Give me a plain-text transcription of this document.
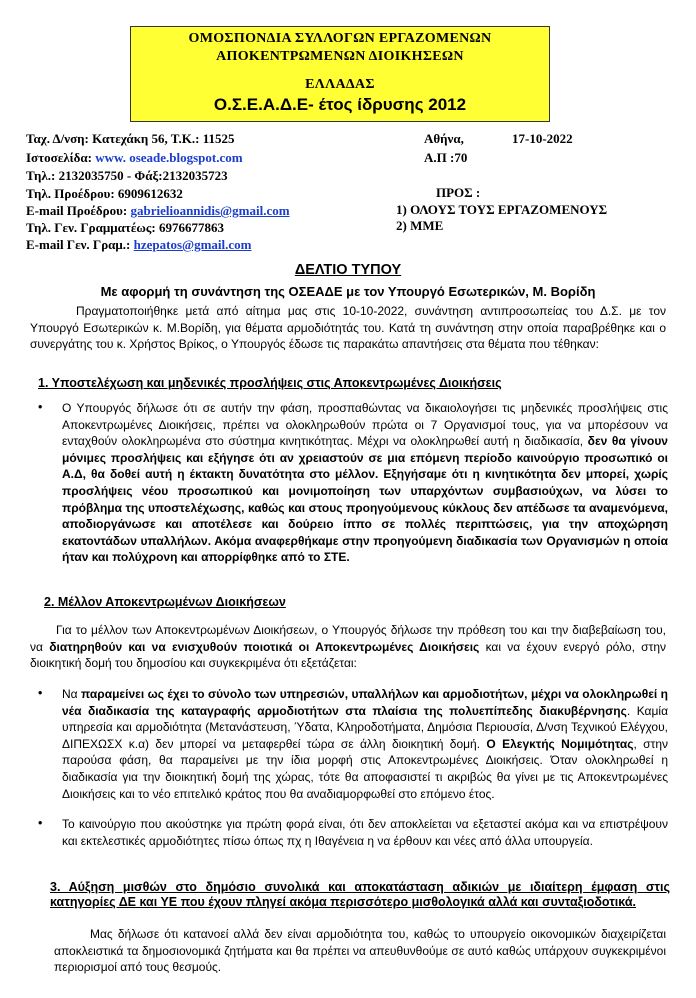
ΟΜΟΣΠΟΝΔΙΑ ΣΥΛΛΟΓΩΝ ΕΡΓΑΖΟΜΕΝΩΝ
ΑΠΟΚΕΝΤΡΩΜΕΝΩΝ ΔΙΟΙΚΗΣΕΩΝ
ΕΛΛΑΔΑΣ
Ο.Σ.Ε.Α.Δ.Ε- έτος ίδρυσης 2012
Ταχ. Δ/νση: Κατεχάκη 56, Τ.Κ.: 11525
Ιστοσελίδα: www. oseade.blogspot.com
Τηλ.: 2132035750 - Φάξ:2132035723
Τηλ. Προέδρου: 6909612632
E-mail Προέδρου: gabrielioannidis@gmail.com
Τηλ. Γεν. Γραμματέως: 6976677863
E-mail Γεν. Γραμ.: hzepatos@gmail.com
Αθήνα,	17-10-2022
Α.Π :70
ΠΡΟΣ :
1) ΟΛΟΥΣ ΤΟΥΣ ΕΡΓΑΖΟΜΕΝΟΥΣ
2) ΜΜΕ
ΔΕΛΤΙΟ ΤΥΠΟΥ
Με αφορμή τη συνάντηση της ΟΣΕΑΔΕ με τον Υπουργό Εσωτερικών, Μ. Βορίδη
Πραγματοποιήθηκε μετά από αίτημα μας στις 10-10-2022, συνάντηση αντιπροσωπείας του Δ.Σ. με τον Υπουργό Εσωτερικών κ. Μ.Βορίδη, για θέματα αρμοδιότητάς του. Κατά τη συνάντηση στην οποία παραβρέθηκε και ο συνεργάτης του κ. Χρήστος Βρίκος, ο Υπουργός έδωσε τις παρακάτω απαντήσεις στα θέματα που τέθηκαν:
1. Υποστελέχωση και μηδενικές προσλήψεις στις Αποκεντρωμένες Διοικήσεις
• Ο Υπουργός δήλωσε ότι σε αυτήν την φάση, προσπαθώντας να δικαιολογήσει τις μηδενικές προσλήψεις στις Αποκεντρωμένες Διοικήσεις, πρέπει να ολοκληρωθούν πρώτα οι 7 Οργανισμοί τους, για να μπορέσουν να ενταχθούν ολοκληρωμένα στο σύστημα κινητικότητας. Μέχρι να ολοκληρωθεί αυτή η διαδικασία, δεν θα γίνουν μόνιμες προσλήψεις και εξήγησε ότι αν χρειαστούν σε μια επόμενη περίοδο καινούργιο προσωπικό οι Α.Δ, θα δοθεί αυτή η έκτακτη δυνατότητα στο μέλλον. Εξηγήσαμε ότι η κινητικότητα δεν μπορεί, χωρίς προσλήψεις νέου προσωπικού και μονιμοποίηση των υπαρχόντων συμβασιούχων, να λύσει το πρόβλημα της υποστελέχωσης, καθώς και στους προηγούμενους κύκλους δεν απέδωσε τα αναμενόμενα, αποδιοργάνωσε και αποτέλεσε και δούρειο ίππο σε πολλές περιπτώσεις, για την αποχώρηση εκατοντάδων υπαλλήλων. Ακόμα αναφερθήκαμε στην προηγούμενη διαδικασία των Οργανισμών η οποία ήταν και πολύχρονη και απορρίφθηκε από το ΣΤΕ.
2. Μέλλον Αποκεντρωμένων Διοικήσεων
Για το μέλλον των Αποκεντρωμένων Διοικήσεων, ο Υπουργός δήλωσε την πρόθεση του και την διαβεβαίωση του, να διατηρηθούν και να ενισχυθούν ποιοτικά οι Αποκεντρωμένες Διοικήσεις και να έχουν ενεργό ρόλο, στην διοικητική δομή του δημοσίου και συγκεκριμένα ότι εξετάζεται:
• Να παραμείνει ως έχει το σύνολο των υπηρεσιών, υπαλλήλων και αρμοδιοτήτων, μέχρι να ολοκληρωθεί η νέα διαδικασία της καταγραφής αρμοδιοτήτων στα πλαίσια της πολυεπίπεδης διακυβέρνησης. Καμία υπηρεσία και αρμοδιότητα (Μετανάστευση, Ύδατα, Κληροδοτήματα, Δημόσια Περιουσία, Δ/νση Τεχνικού Ελέγχου, ΔΙΠΕΧΩΣΧ κ.α) δεν μπορεί να μεταφερθεί τώρα σε άλλη διοικητική δομή. Ο Ελεγκτής Νομιμότητας, στην παρούσα φάση, θα παραμείνει με την ίδια μορφή στις Αποκεντρωμένες Διοικήσεις. Όταν ολοκληρωθεί η διαδικασία για την διοικητική δομή της χώρας, τότε θα αποφασιστεί τι ακριβώς θα γίνει με τις Αποκεντρωμένες Διοικήσεις και το νέο επιτελικό κράτος που θα αναδιαμορφωθεί στο επόμενο έτος.
• Το καινούργιο που ακούστηκε για πρώτη φορά είναι, ότι δεν αποκλείεται να εξεταστεί ακόμα και να επιστρέψουν και εκτελεστικές αρμοδιότητες πίσω όπως πχ η Ιθαγένεια η να έρθουν και νέες από άλλα υπουργεία.
3. Αύξηση μισθών στο δημόσιο συνολικά και αποκατάσταση αδικιών με ιδιαίτερη έμφαση στις κατηγορίες ΔΕ και ΥΕ που έχουν πληγεί ακόμα περισσότερο μισθολογικά αλλά και συνταξιοδοτικά.
Μας δήλωσε ότι κατανοεί αλλά δεν είναι αρμοδιότητα του, καθώς το υπουργείο οικονομικών διαχειρίζεται αποκλειστικά τα δημοσιονομικά ζητήματα και θα πρέπει να απευθυνθούμε σε αυτό καθώς υπάρχουν συγκεκριμένοι περιορισμοί από τους θεσμούς.
